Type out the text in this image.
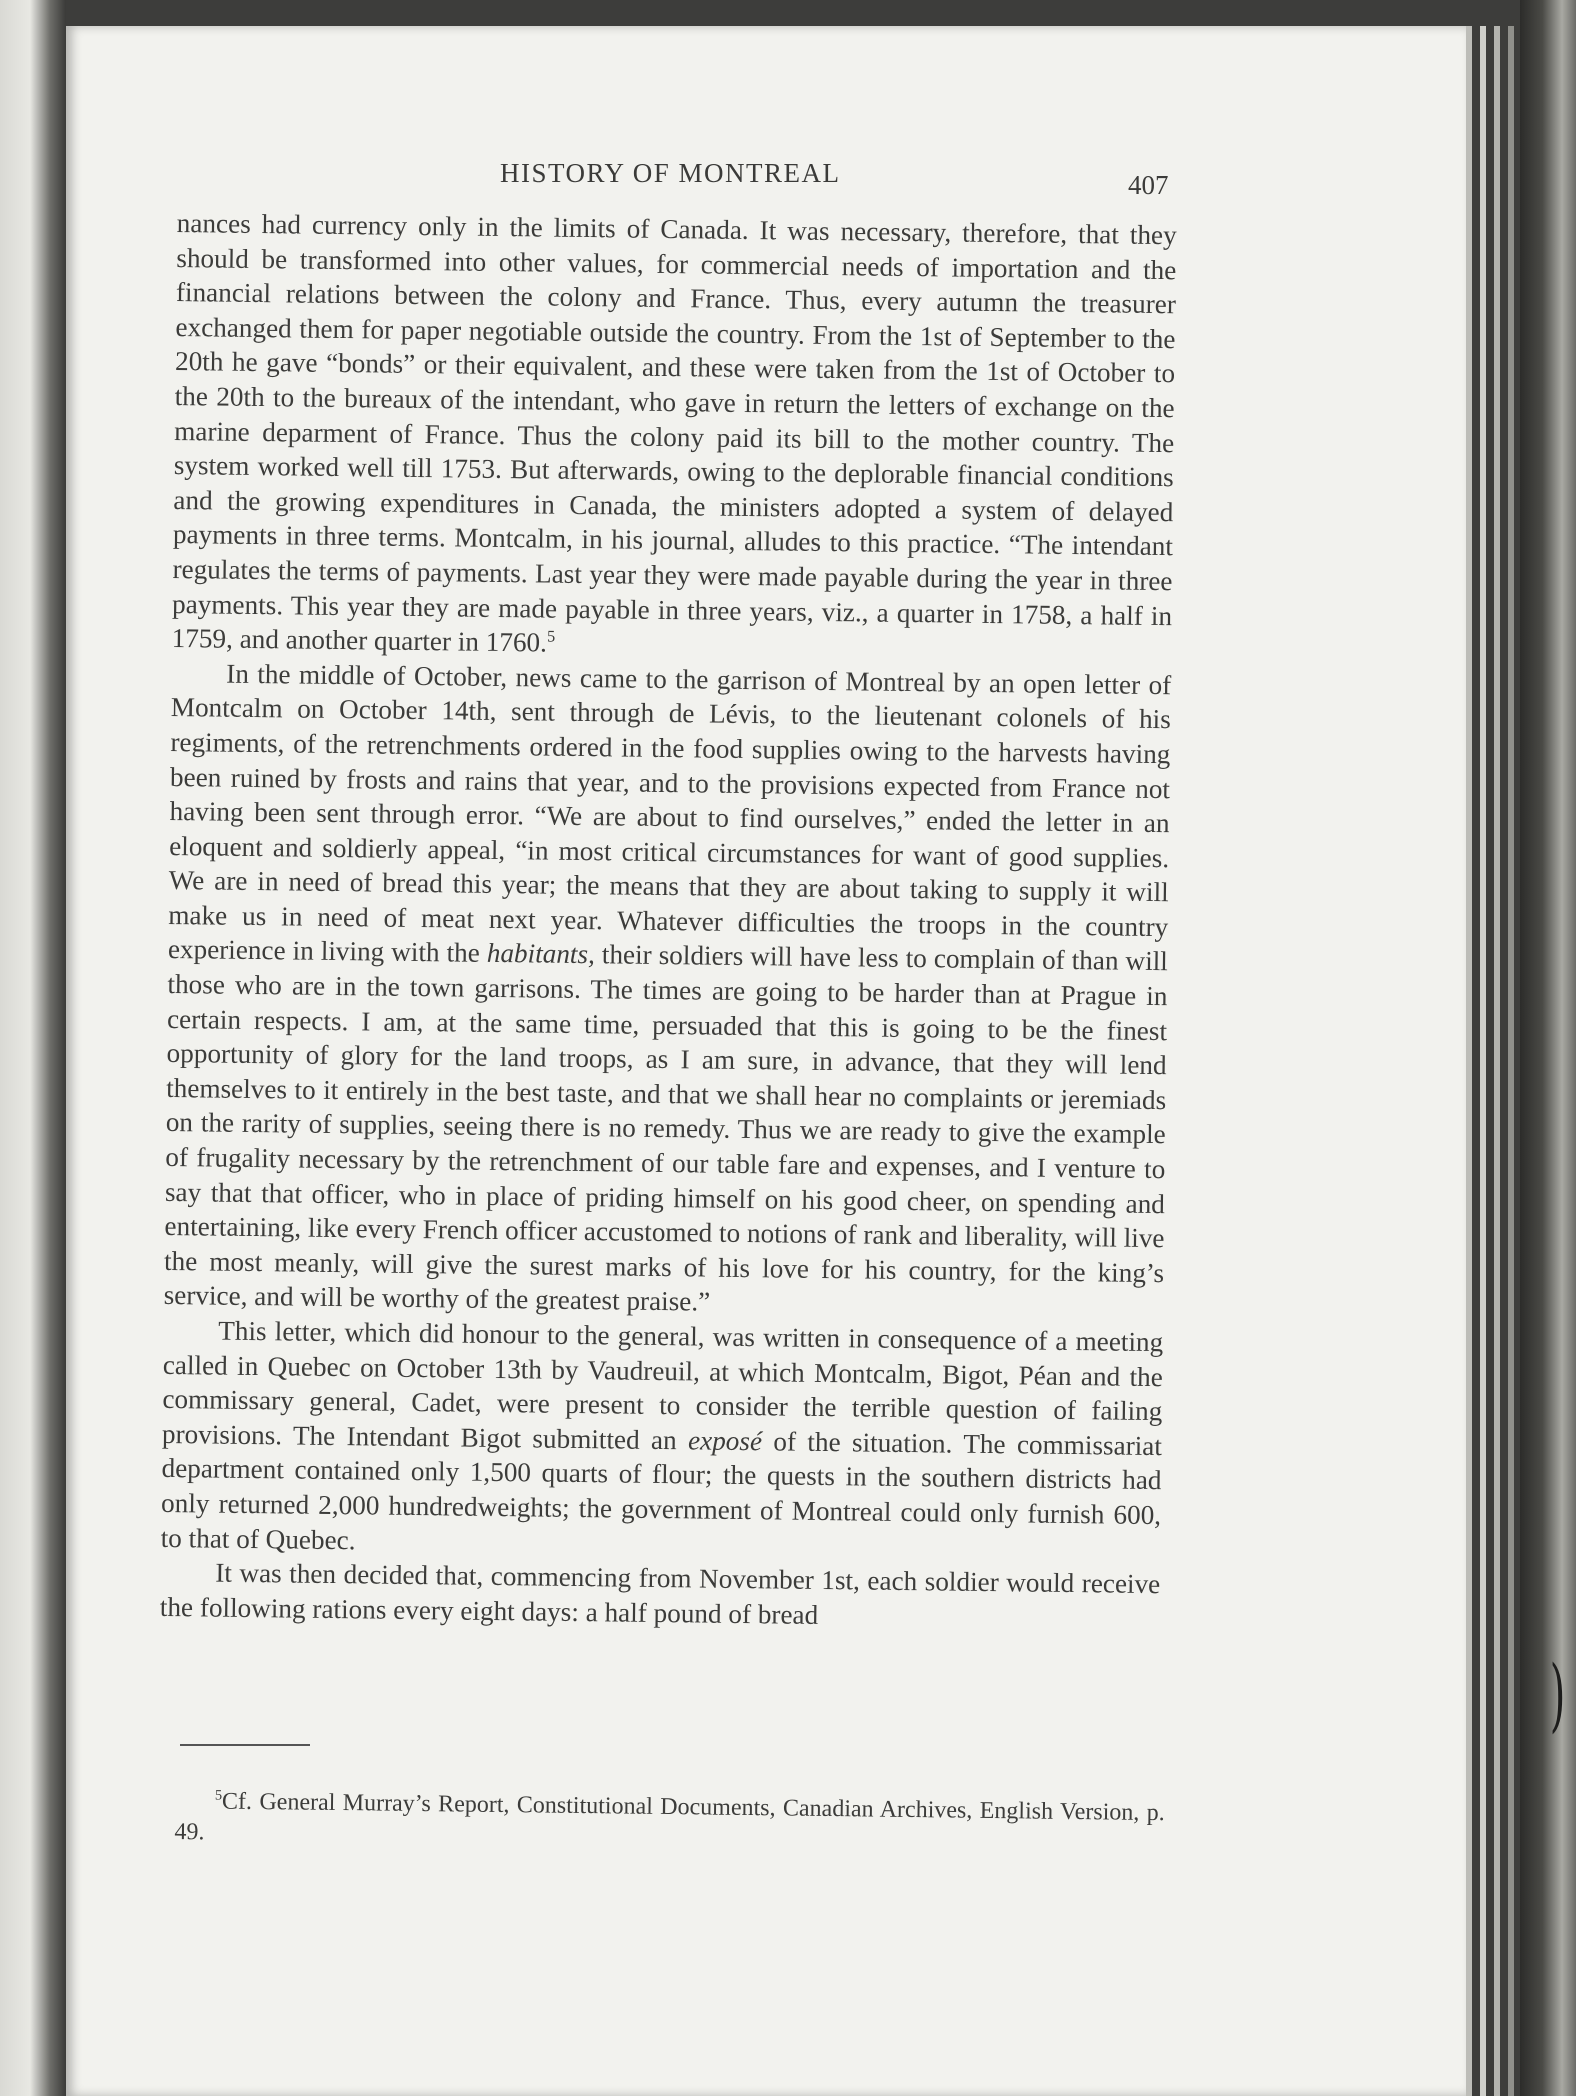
HISTORY OF MONTREAL	407

nances had currency only in the limits of Canada. It was necessary, therefore, that they should be transformed into other values, for commercial needs of importation and the financial relations between the colony and France. Thus, every autumn the treasurer exchanged them for paper negotiable outside the country. From the 1st of September to the 20th he gave “bonds” or their equivalent, and these were taken from the 1st of October to the 20th to the bureaux of the intendant, who gave in return the letters of exchange on the marine deparment of France. Thus the colony paid its bill to the mother country. The system worked well till 1753. But afterwards, owing to the deplorable financial conditions and the growing expenditures in Canada, the ministers adopted a system of delayed payments in three terms. Montcalm, in his journal, alludes to this practice. “The intendant regulates the terms of payments. Last year they were made payable during the year in three payments. This year they are made payable in three years, viz., a quarter in 1758, a half in 1759, and another quarter in 1760.$^5$

In the middle of October, news came to the garrison of Montreal by an open letter of Montcalm on October 14th, sent through de Lévis, to the lieutenant colonels of his regiments, of the retrenchments ordered in the food supplies owing to the harvests having been ruined by frosts and rains that year, and to the provisions expected from France not having been sent through error. “We are about to find ourselves,” ended the letter in an eloquent and soldierly appeal, “in most critical circumstances for want of good supplies. We are in need of bread this year; the means that they are about taking to supply it will make us in need of meat next year. Whatever difficulties the troops in the country experience in living with the habitants, their soldiers will have less to complain of than will those who are in the town garrisons. The times are going to be harder than at Prague in certain respects. I am, at the same time, persuaded that this is going to be the finest opportunity of glory for the land troops, as I am sure, in advance, that they will lend themselves to it entirely in the best taste, and that we shall hear no complaints or jeremiads on the rarity of supplies, seeing there is no remedy. Thus we are ready to give the example of frugality necessary by the retrenchment of our table fare and expenses, and I venture to say that that officer, who in place of priding himself on his good cheer, on spending and entertaining, like every French officer accustomed to notions of rank and liberality, will live the most meanly, will give the surest marks of his love for his country, for the king’s service, and will be worthy of the greatest praise.”

This letter, which did honour to the general, was written in consequence of a meeting called in Quebec on October 13th by Vaudreuil, at which Montcalm, Bigot, Péan and the commissary general, Cadet, were present to consider the terrible question of failing provisions. The Intendant Bigot submitted an exposé of the situation. The commissariat department contained only 1,500 quarts of flour; the quests in the southern districts had only returned 2,000 hundredweights; the government of Montreal could only furnish 600, to that of Quebec.

It was then decided that, commencing from November 1st, each soldier would receive the following rations every eight days: a half pound of bread

$^5$Cf. General Murray’s Report, Constitutional Documents, Canadian Archives, English Version, p. 49.
)
